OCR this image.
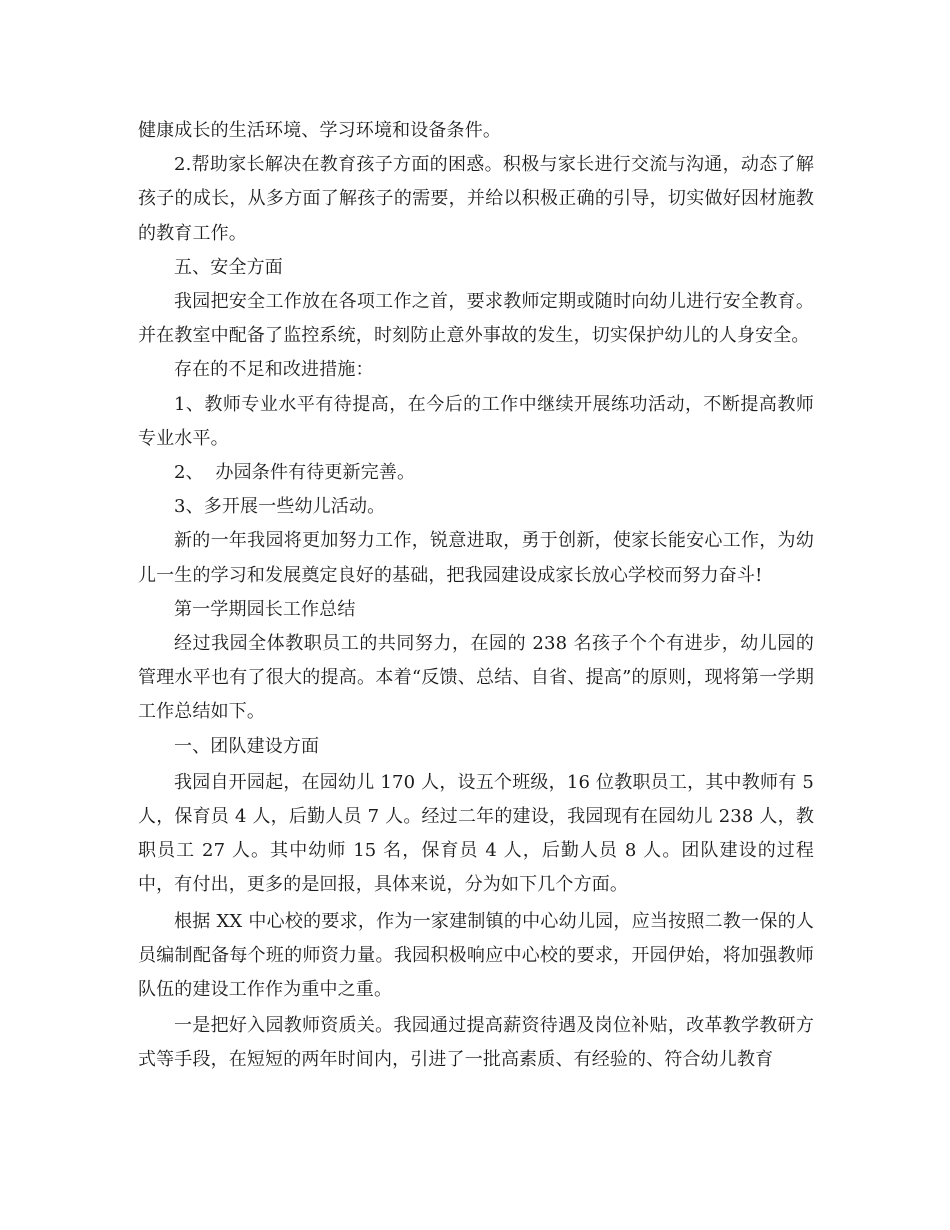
健康成长的生活环境、学习环境和设备条件。

2.帮助家长解决在教育孩子方面的困惑。积极与家长进行交流与沟通，动态了解孩子的成长，从多方面了解孩子的需要，并给以积极正确的引导，切实做好因材施教的教育工作。

五、安全方面

我园把安全工作放在各项工作之首，要求教师定期或随时向幼儿进行安全教育。并在教室中配备了监控系统，时刻防止意外事故的发生，切实保护幼儿的人身安全。

存在的不足和改进措施：

1、教师专业水平有待提高，在今后的工作中继续开展练功活动，不断提高教师专业水平。

2、  办园条件有待更新完善。

3、多开展一些幼儿活动。

新的一年我园将更加努力工作，锐意进取，勇于创新，使家长能安心工作，为幼儿一生的学习和发展奠定良好的基础，把我园建设成家长放心学校而努力奋斗!

第一学期园长工作总结

经过我园全体教职员工的共同努力，在园的 238 名孩子个个有进步，幼儿园的管理水平也有了很大的提高。本着“反馈、总结、自省、提高”的原则，现将第一学期工作总结如下。

一、团队建设方面

我园自开园起，在园幼儿 170 人，设五个班级，16 位教职员工，其中教师有 5 人，保育员 4 人，后勤人员 7 人。经过二年的建设，我园现有在园幼儿 238 人，教职员工 27 人。其中幼师 15 名，保育员 4 人，后勤人员 8 人。团队建设的过程中，有付出，更多的是回报，具体来说，分为如下几个方面。

根据 XX 中心校的要求，作为一家建制镇的中心幼儿园，应当按照二教一保的人员编制配备每个班的师资力量。我园积极响应中心校的要求，开园伊始，将加强教师队伍的建设工作作为重中之重。

一是把好入园教师资质关。我园通过提高薪资待遇及岗位补贴，改革教学教研方式等手段，在短短的两年时间内，引进了一批高素质、有经验的、符合幼儿教育
